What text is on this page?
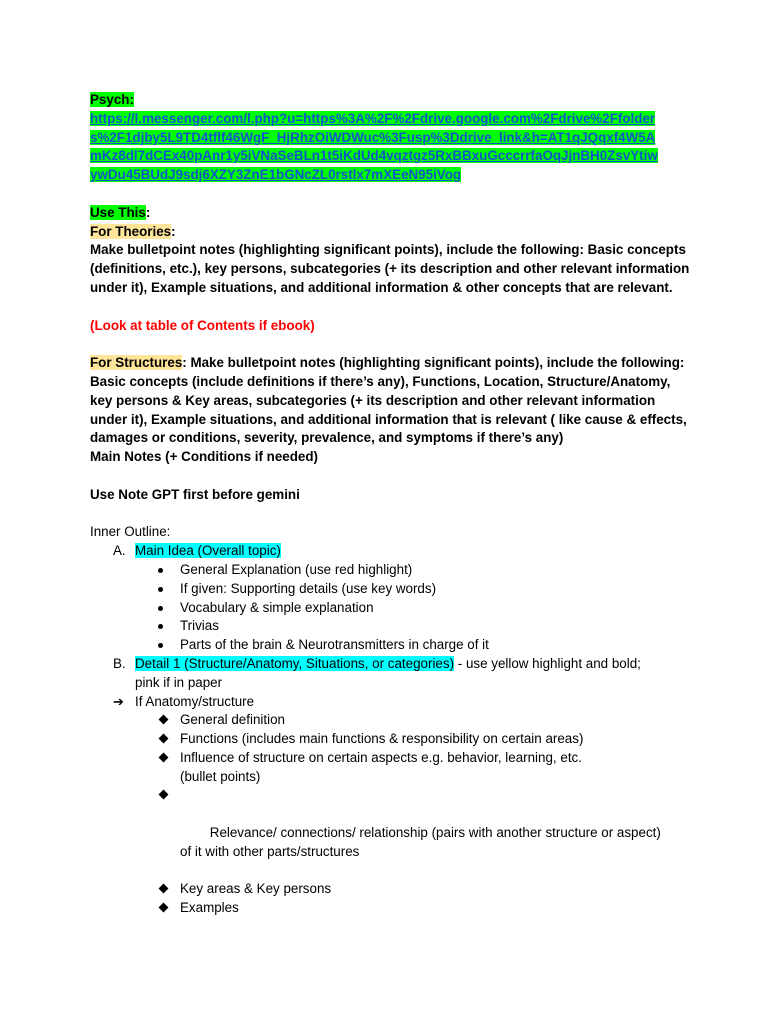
Psych:

https://l.messenger.com/l.php?u=https%3A%2F%2Fdrive.google.com%2Fdrive%2Ffolder

s%2F1djby5L9TD4tflf46WgF_HjRhzOiWDWuc%3Fusp%3Ddrive_link&h=AT1qJQqxf4W5A

mKz8dl7dCEx40pAnr1y5iVNaSeBLn1t5iKdUd4vqztgz5RxBBxuGcccrrfaOqJjnBH0ZsvYtiw

ywDu45BUdJ9sdj6XZY3ZnE1bGNcZL0rstlx7mXEeN95iVog

Use This:

For Theories:

Make bulletpoint notes (highlighting significant points), include the following: Basic concepts (definitions, etc.), key persons, subcategories (+ its description and other relevant information under it), Example situations, and additional information & other concepts that are relevant.

(Look at table of Contents if ebook)

For Structures: Make bulletpoint notes (highlighting significant points), include the following: Basic concepts (include definitions if there’s any), Functions, Location, Structure/Anatomy, key persons & Key areas, subcategories (+ its description and other relevant information under it), Example situations, and additional information that is relevant ( like cause & effects, damages or conditions, severity, prevalence, and symptoms if there’s any)

Main Notes (+ Conditions if needed)

Use Note GPT first before gemini

Inner Outline:

A. Main Idea (Overall topic)
General Explanation (use red highlight)
If given: Supporting details (use key words)
Vocabulary & simple explanation
Trivias
Parts of the brain & Neurotransmitters in charge of it
B. Detail 1 (Structure/Anatomy, Situations, or categories) - use yellow highlight and bold;
pink if in paper
➔ If Anatomy/structure
General definition
Functions (includes main functions & responsibility on certain areas)
Influence of structure on certain aspects e.g. behavior, learning, etc. (bullet points)

Relevance/ connections/ relationship (pairs with another structure or aspect) of it with other parts/structures

Key areas & Key persons
Examples
